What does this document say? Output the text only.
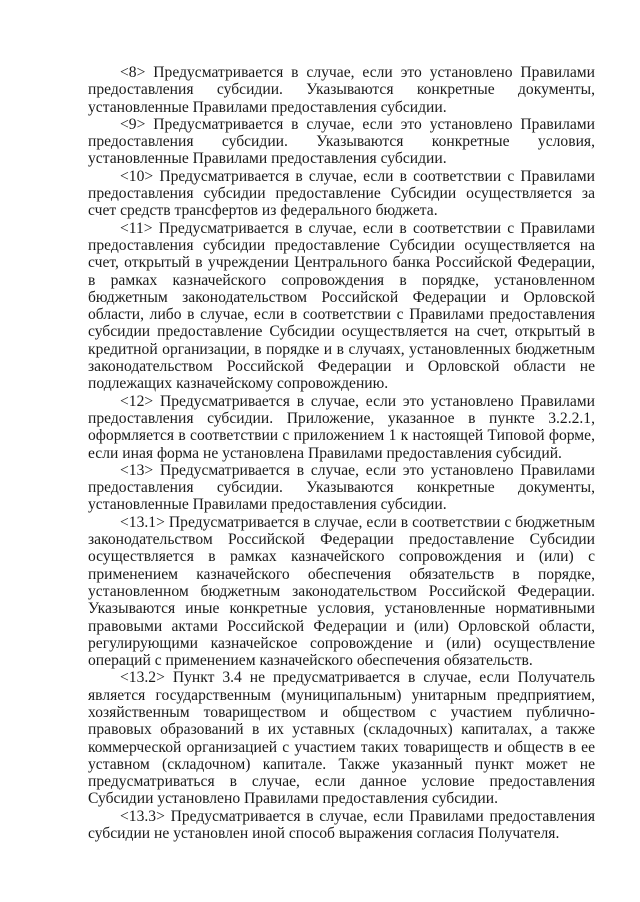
<8> Предусматривается в случае, если это установлено Правилами предоставления субсидии. Указываются конкретные документы, установленные Правилами предоставления субсидии.

<9> Предусматривается в случае, если это установлено Правилами предоставления субсидии. Указываются конкретные условия, установленные Правилами предоставления субсидии.

<10> Предусматривается в случае, если в соответствии с Правилами предоставления субсидии предоставление Субсидии осуществляется за счет средств трансфертов из федерального бюджета.

<11> Предусматривается в случае, если в соответствии с Правилами предоставления субсидии предоставление Субсидии осуществляется на счет, открытый в учреждении Центрального банка Российской Федерации, в рамках казначейского сопровождения в порядке, установленном бюджетным законодательством Российской Федерации и Орловской области, либо в случае, если в соответствии с Правилами предоставления субсидии предоставление Субсидии осуществляется на счет, открытый в кредитной организации, в порядке и в случаях, установленных бюджетным законодательством Российской Федерации и Орловской области не подлежащих казначейскому сопровождению.

<12> Предусматривается в случае, если это установлено Правилами предоставления субсидии. Приложение, указанное в пункте 3.2.2.1, оформляется в соответствии с приложением 1 к настоящей Типовой форме, если иная форма не установлена Правилами предоставления субсидий.

<13> Предусматривается в случае, если это установлено Правилами предоставления субсидии. Указываются конкретные документы, установленные Правилами предоставления субсидии.

<13.1> Предусматривается в случае, если в соответствии с бюджетным законодательством Российской Федерации предоставление Субсидии осуществляется в рамках казначейского сопровождения и (или) с применением казначейского обеспечения обязательств в порядке, установленном бюджетным законодательством Российской Федерации. Указываются иные конкретные условия, установленные нормативными правовыми актами Российской Федерации и (или) Орловской области, регулирующими казначейское сопровождение и (или) осуществление операций с применением казначейского обеспечения обязательств.

<13.2> Пункт 3.4 не предусматривается в случае, если Получатель является государственным (муниципальным) унитарным предприятием, хозяйственным товариществом и обществом с участием публично-правовых образований в их уставных (складочных) капиталах, а также коммерческой организацией с участием таких товариществ и обществ в ее уставном (складочном) капитале. Также указанный пункт может не предусматриваться в случае, если данное условие предоставления Субсидии установлено Правилами предоставления субсидии.

<13.3> Предусматривается в случае, если Правилами предоставления субсидии не установлен иной способ выражения согласия Получателя.
